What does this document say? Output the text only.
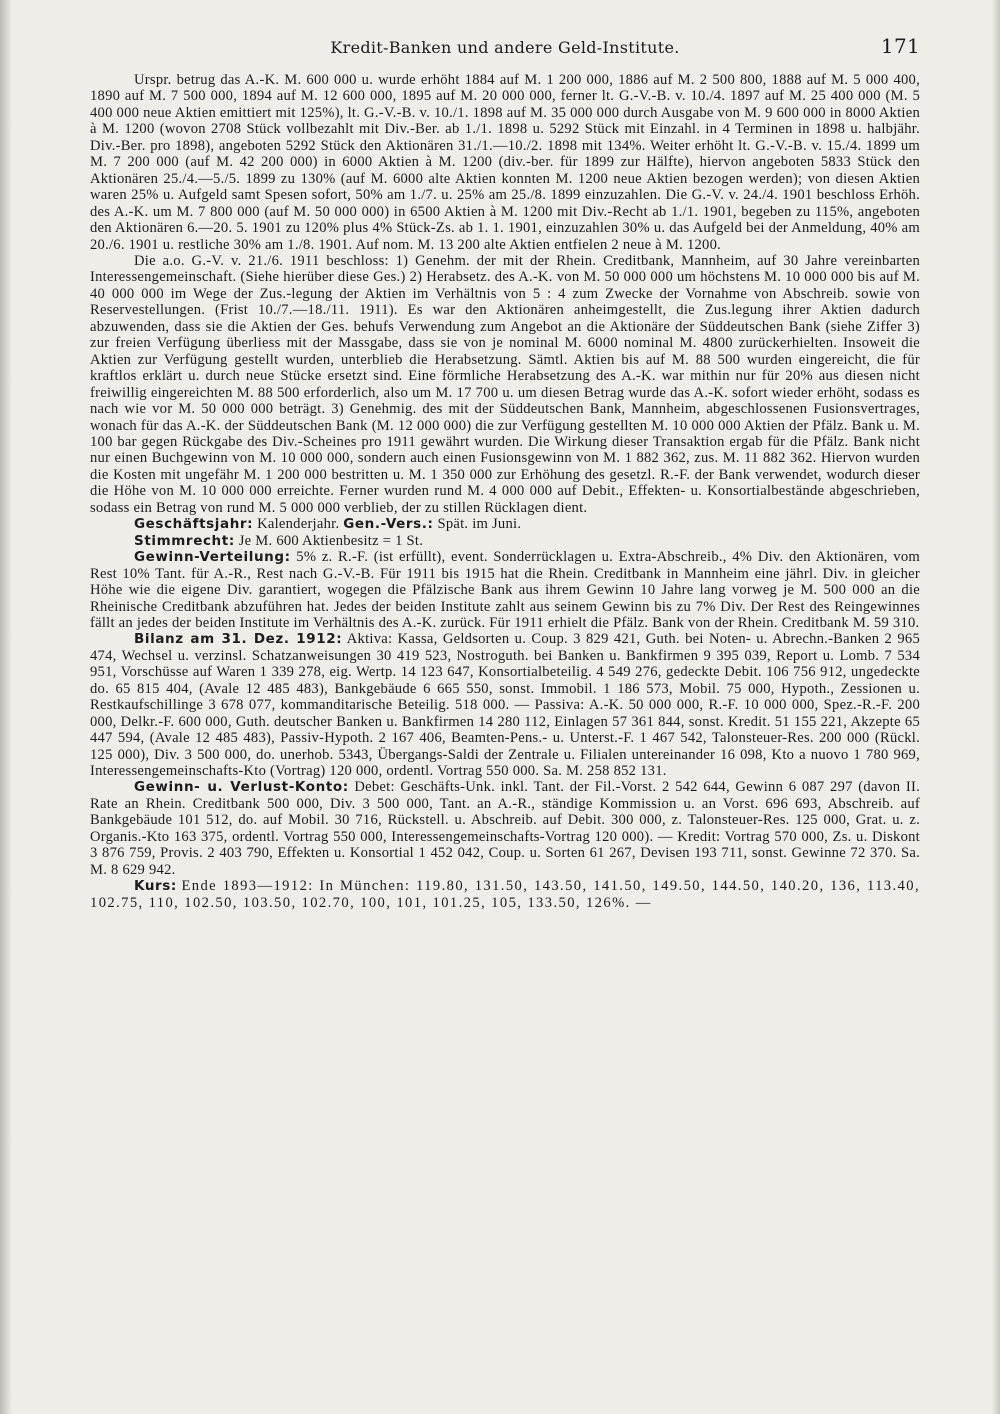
Kredit-Banken und andere Geld-Institute.	171

Urspr. betrug das A.-K. M. 600 000 u. wurde erhöht 1884 auf M. 1 200 000, 1886 auf M. 2 500 800, 1888 auf M. 5 000 400, 1890 auf M. 7 500 000, 1894 auf M. 12 600 000, 1895 auf M. 20 000 000, ferner lt. G.-V.-B. v. 10./4. 1897 auf M. 25 400 000 (M. 5 400 000 neue Aktien emittiert mit 125%), lt. G.-V.-B. v. 10./1. 1898 auf M. 35 000 000 durch Ausgabe von M. 9 600 000 in 8000 Aktien à M. 1200 (wovon 2708 Stück vollbezahlt mit Div.-Ber. ab 1./1. 1898 u. 5292 Stück mit Einzahl. in 4 Terminen in 1898 u. halbjähr. Div.-Ber. pro 1898), angeboten 5292 Stück den Aktionären 31./1.—10./2. 1898 mit 134%. Weiter erhöht lt. G.-V.-B. v. 15./4. 1899 um M. 7 200 000 (auf M. 42 200 000) in 6000 Aktien à M. 1200 (div.-ber. für 1899 zur Hälfte), hiervon angeboten 5833 Stück den Aktionären 25./4.—5./5. 1899 zu 130% (auf M. 6000 alte Aktien konnten M. 1200 neue Aktien bezogen werden); von diesen Aktien waren 25% u. Aufgeld samt Spesen sofort, 50% am 1./7. u. 25% am 25./8. 1899 einzuzahlen. Die G.-V. v. 24./4. 1901 beschloss Erhöh. des A.-K. um M. 7 800 000 (auf M. 50 000 000) in 6500 Aktien à M. 1200 mit Div.-Recht ab 1./1. 1901, begeben zu 115%, angeboten den Aktionären 6.—20. 5. 1901 zu 120% plus 4% Stück-Zs. ab 1. 1. 1901, einzuzahlen 30% u. das Aufgeld bei der Anmeldung, 40% am 20./6. 1901 u. restliche 30% am 1./8. 1901. Auf nom. M. 13 200 alte Aktien entfielen 2 neue à M. 1200.

Die a.o. G.-V. v. 21./6. 1911 beschloss: 1) Genehm. der mit der Rhein. Creditbank, Mannheim, auf 30 Jahre vereinbarten Interessengemeinschaft. (Siehe hierüber diese Ges.) 2) Herabsetz. des A.-K. von M. 50 000 000 um höchstens M. 10 000 000 bis auf M. 40 000 000 im Wege der Zus.-legung der Aktien im Verhältnis von 5 : 4 zum Zwecke der Vornahme von Abschreib. sowie von Reservestellungen. (Frist 10./7.—18./11. 1911). Es war den Aktionären anheimgestellt, die Zus.legung ihrer Aktien dadurch abzuwenden, dass sie die Aktien der Ges. behufs Verwendung zum Angebot an die Aktionäre der Süddeutschen Bank (siehe Ziffer 3) zur freien Verfügung überliess mit der Massgabe, dass sie von je nominal M. 6000 nominal M. 4800 zurückerhielten. Insoweit die Aktien zur Verfügung gestellt wurden, unterblieb die Herabsetzung. Sämtl. Aktien bis auf M. 88 500 wurden eingereicht, die für kraftlos erklärt u. durch neue Stücke ersetzt sind. Eine förmliche Herabsetzung des A.-K. war mithin nur für 20% aus diesen nicht freiwillig eingereichten M. 88 500 erforderlich, also um M. 17 700 u. um diesen Betrag wurde das A.-K. sofort wieder erhöht, sodass es nach wie vor M. 50 000 000 beträgt. 3) Genehmig. des mit der Süddeutschen Bank, Mannheim, abgeschlossenen Fusionsvertrages, wonach für das A.-K. der Süddeutschen Bank (M. 12 000 000) die zur Verfügung gestellten M. 10 000 000 Aktien der Pfälz. Bank u. M. 100 bar gegen Rückgabe des Div.-Scheines pro 1911 gewährt wurden. Die Wirkung dieser Transaktion ergab für die Pfälz. Bank nicht nur einen Buchgewinn von M. 10 000 000, sondern auch einen Fusionsgewinn von M. 1 882 362, zus. M. 11 882 362. Hiervon wurden die Kosten mit ungefähr M. 1 200 000 bestritten u. M. 1 350 000 zur Erhöhung des gesetzl. R.-F. der Bank verwendet, wodurch dieser die Höhe von M. 10 000 000 erreichte. Ferner wurden rund M. 4 000 000 auf Debit., Effekten- u. Konsortialbestände abgeschrieben, sodass ein Betrag von rund M. 5 000 000 verblieb, der zu stillen Rücklagen dient.

Geschäftsjahr: Kalenderjahr. Gen.-Vers.: Spät. im Juni.

Stimmrecht: Je M. 600 Aktienbesitz = 1 St.

Gewinn-Verteilung: 5% z. R.-F. (ist erfüllt), event. Sonderrücklagen u. Extra-Abschreib., 4% Div. den Aktionären, vom Rest 10% Tant. für A.-R., Rest nach G.-V.-B. Für 1911 bis 1915 hat die Rhein. Creditbank in Mannheim eine jährl. Div. in gleicher Höhe wie die eigene Div. garantiert, wogegen die Pfälzische Bank aus ihrem Gewinn 10 Jahre lang vorweg je M. 500 000 an die Rheinische Creditbank abzuführen hat. Jedes der beiden Institute zahlt aus seinem Gewinn bis zu 7% Div. Der Rest des Reingewinnes fällt an jedes der beiden Institute im Verhältnis des A.-K. zurück. Für 1911 erhielt die Pfälz. Bank von der Rhein. Creditbank M. 59 310.

Bilanz am 31. Dez. 1912: Aktiva: Kassa, Geldsorten u. Coup. 3 829 421, Guth. bei Noten- u. Abrechn.-Banken 2 965 474, Wechsel u. verzinsl. Schatzanweisungen 30 419 523, Nostroguth. bei Banken u. Bankfirmen 9 395 039, Report u. Lomb. 7 534 951, Vorschüsse auf Waren 1 339 278, eig. Wertp. 14 123 647, Konsortialbeteilig. 4 549 276, gedeckte Debit. 106 756 912, ungedeckte do. 65 815 404, (Avale 12 485 483), Bankgebäude 6 665 550, sonst. Immobil. 1 186 573, Mobil. 75 000, Hypoth., Zessionen u. Restkaufschillinge 3 678 077, kommanditarische Beteilig. 518 000. — Passiva: A.-K. 50 000 000, R.-F. 10 000 000, Spez.-R.-F. 200 000, Delkr.-F. 600 000, Guth. deutscher Banken u. Bankfirmen 14 280 112, Einlagen 57 361 844, sonst. Kredit. 51 155 221, Akzepte 65 447 594, (Avale 12 485 483), Passiv-Hypoth. 2 167 406, Beamten-Pens.- u. Unterst.-F. 1 467 542, Talonsteuer-Res. 200 000 (Rückl. 125 000), Div. 3 500 000, do. unerhob. 5343, Übergangs-Saldi der Zentrale u. Filialen untereinander 16 098, Kto a nuovo 1 780 969, Interessengemeinschafts-Kto (Vortrag) 120 000, ordentl. Vortrag 550 000. Sa. M. 258 852 131.

Gewinn- u. Verlust-Konto: Debet: Geschäfts-Unk. inkl. Tant. der Fil.-Vorst. 2 542 644, Gewinn 6 087 297 (davon II. Rate an Rhein. Creditbank 500 000, Div. 3 500 000, Tant. an A.-R., ständige Kommission u. an Vorst. 696 693, Abschreib. auf Bankgebäude 101 512, do. auf Mobil. 30 716, Rückstell. u. Abschreib. auf Debit. 300 000, z. Talonsteuer-Res. 125 000, Grat. u. z. Organis.-Kto 163 375, ordentl. Vortrag 550 000, Interessengemeinschafts-Vortrag 120 000). — Kredit: Vortrag 570 000, Zs. u. Diskont 3 876 759, Provis. 2 403 790, Effekten u. Konsortial 1 452 042, Coup. u. Sorten 61 267, Devisen 193 711, sonst. Gewinne 72 370. Sa. M. 8 629 942.

Kurs: Ende 1893—1912: In München: 119.80, 131.50, 143.50, 141.50, 149.50, 144.50, 140.20, 136, 113.40, 102.75, 110, 102.50, 103.50, 102.70, 100, 101, 101.25, 105, 133.50, 126%. —
